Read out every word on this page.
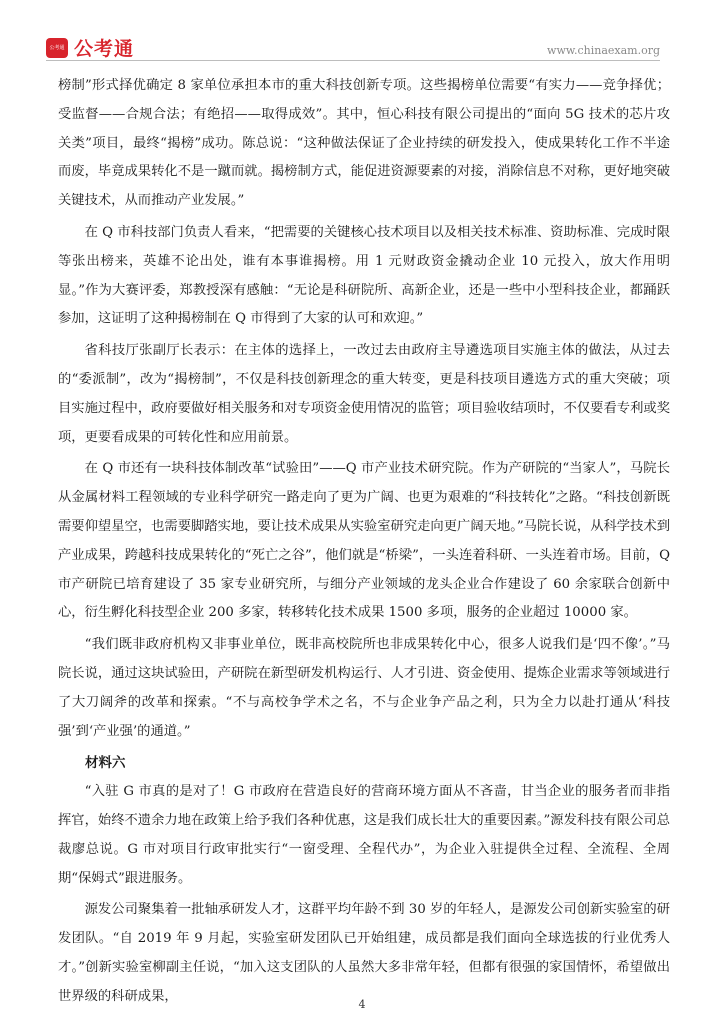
公考通 公考通	www.chinaexam.org

榜制”形式择优确定 8 家单位承担本市的重大科技创新专项。这些揭榜单位需要“有实力——竞争择优；受监督——合规合法；有绝招——取得成效”。其中，恒心科技有限公司提出的“面向 5G 技术的芯片攻关类”项目，最终“揭榜”成功。陈总说：“这种做法保证了企业持续的研发投入，使成果转化工作不半途而废，毕竟成果转化不是一蹴而就。揭榜制方式，能促进资源要素的对接，消除信息不对称，更好地突破关键技术，从而推动产业发展。”

在 Q 市科技部门负责人看来，“把需要的关键核心技术项目以及相关技术标准、资助标准、完成时限等张出榜来，英雄不论出处，谁有本事谁揭榜。用 1 元财政资金撬动企业 10 元投入，放大作用明显。”作为大赛评委，郑教授深有感触：“无论是科研院所、高新企业，还是一些中小型科技企业，都踊跃参加，这证明了这种揭榜制在 Q 市得到了大家的认可和欢迎。”

省科技厅张副厅长表示：在主体的选择上，一改过去由政府主导遴选项目实施主体的做法，从过去的“委派制”，改为“揭榜制”，不仅是科技创新理念的重大转变，更是科技项目遴选方式的重大突破；项目实施过程中，政府要做好相关服务和对专项资金使用情况的监管；项目验收结项时，不仅要看专利或奖项，更要看成果的可转化性和应用前景。

在 Q 市还有一块科技体制改革“试验田”——Q 市产业技术研究院。作为产研院的“当家人”，马院长从金属材料工程领域的专业科学研究一路走向了更为广阔、也更为艰难的“科技转化”之路。“科技创新既需要仰望星空，也需要脚踏实地，要让技术成果从实验室研究走向更广阔天地。”马院长说，从科学技术到产业成果，跨越科技成果转化的“死亡之谷”，他们就是“桥梁”，一头连着科研、一头连着市场。目前，Q 市产研院已培育建设了 35 家专业研究所，与细分产业领域的龙头企业合作建设了 60 余家联合创新中心，衍生孵化科技型企业 200 多家，转移转化技术成果 1500 多项，服务的企业超过 10000 家。

“我们既非政府机构又非事业单位，既非高校院所也非成果转化中心，很多人说我们是‘四不像’。”马院长说，通过这块试验田，产研院在新型研发机构运行、人才引进、资金使用、提炼企业需求等领域进行了大刀阔斧的改革和探索。“不与高校争学术之名，不与企业争产品之利，只为全力以赴打通从‘科技强’到‘产业强’的通道。”

材料六

“入驻 G 市真的是对了！G 市政府在营造良好的营商环境方面从不吝啬，甘当企业的服务者而非指挥官，始终不遗余力地在政策上给予我们各种优惠，这是我们成长壮大的重要因素。”源发科技有限公司总裁廖总说。G 市对项目行政审批实行“一窗受理、全程代办”，为企业入驻提供全过程、全流程、全周期“保姆式”跟进服务。

源发公司聚集着一批轴承研发人才，这群平均年龄不到 30 岁的年轻人，是源发公司创新实验室的研发团队。“自 2019 年 9 月起，实验室研发团队已开始组建，成员都是我们面向全球选拔的行业优秀人才。”创新实验室柳副主任说，“加入这支团队的人虽然大多非常年轻，但都有很强的家国情怀，希望做出世界级的科研成果，

4
